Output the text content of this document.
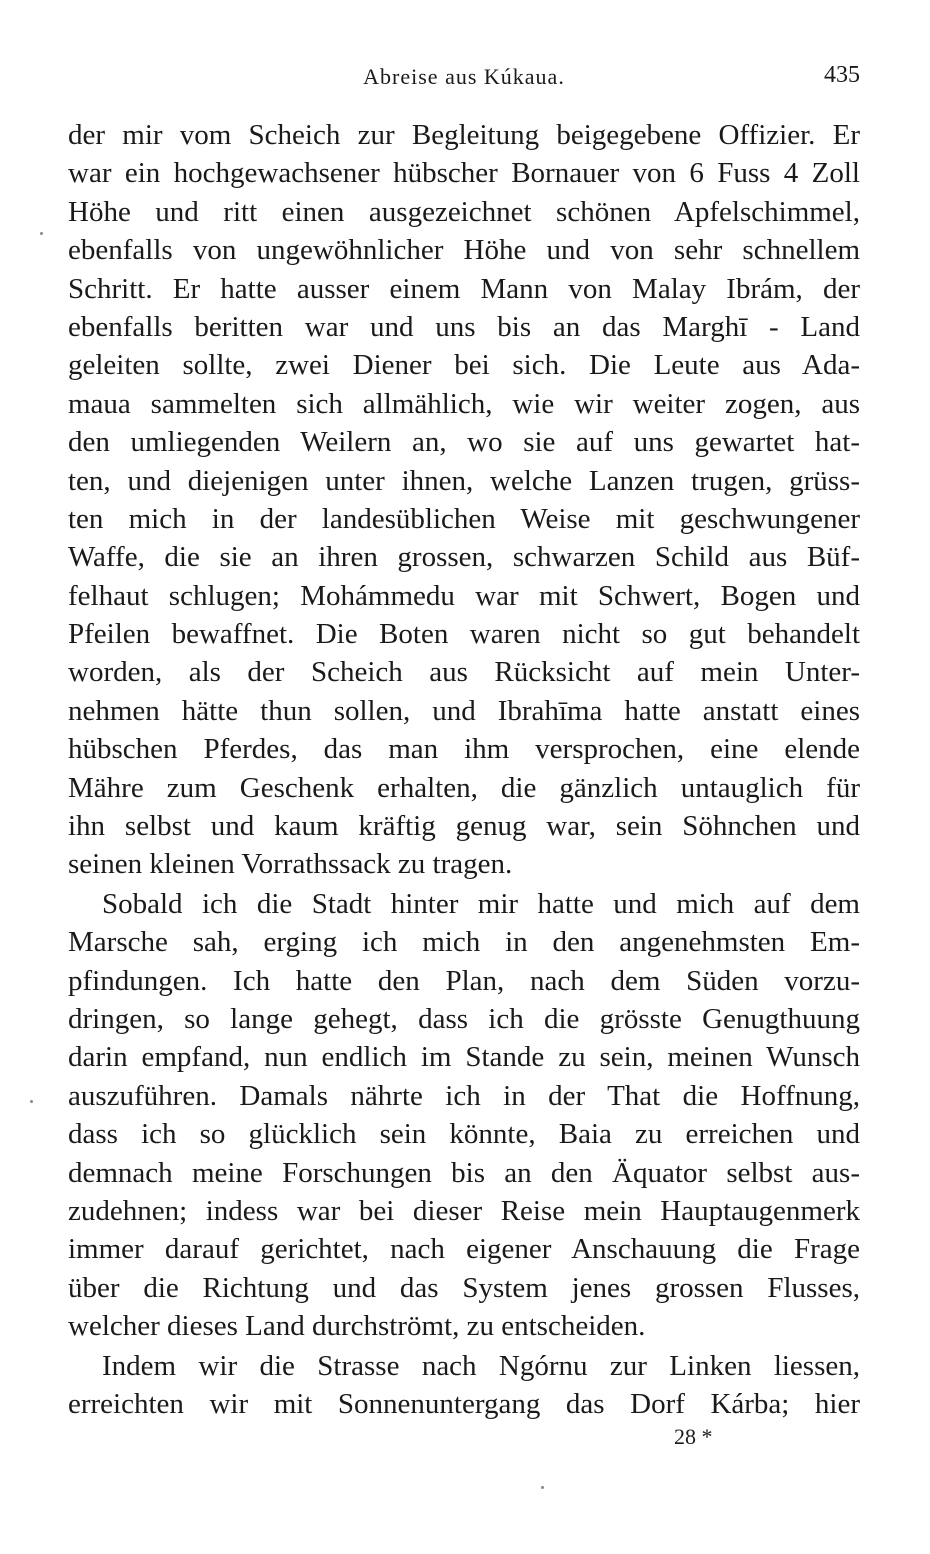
Abreise aus Kúkaua.	435
der mir vom Scheich zur Begleitung beigegebene Offizier. Er
war ein hochgewachsener hübscher Bornauer von 6 Fuss 4 Zoll
Höhe und ritt einen ausgezeichnet schönen Apfelschimmel,
ebenfalls von ungewöhnlicher Höhe und von sehr schnellem
Schritt. Er hatte ausser einem Mann von Malay Ibrám, der
ebenfalls beritten war und uns bis an das Marghī - Land
geleiten sollte, zwei Diener bei sich. Die Leute aus Ada-
maua sammelten sich allmählich, wie wir weiter zogen, aus
den umliegenden Weilern an, wo sie auf uns gewartet hat-
ten, und diejenigen unter ihnen, welche Lanzen trugen, grüss-
ten mich in der landesüblichen Weise mit geschwungener
Waffe, die sie an ihren grossen, schwarzen Schild aus Büf-
felhaut schlugen; Mohámmedu war mit Schwert, Bogen und
Pfeilen bewaffnet. Die Boten waren nicht so gut behandelt
worden, als der Scheich aus Rücksicht auf mein Unter-
nehmen hätte thun sollen, und Ibrahīma hatte anstatt eines
hübschen Pferdes, das man ihm versprochen, eine elende
Mähre zum Geschenk erhalten, die gänzlich untauglich für
ihn selbst und kaum kräftig genug war, sein Söhnchen und
seinen kleinen Vorrathssack zu tragen.
Sobald ich die Stadt hinter mir hatte und mich auf dem
Marsche sah, erging ich mich in den angenehmsten Em-
pfindungen. Ich hatte den Plan, nach dem Süden vorzu-
dringen, so lange gehegt, dass ich die grösste Genugthuung
darin empfand, nun endlich im Stande zu sein, meinen Wunsch
auszuführen. Damals nährte ich in der That die Hoffnung,
dass ich so glücklich sein könnte, Baia zu erreichen und
demnach meine Forschungen bis an den Äquator selbst aus-
zudehnen; indess war bei dieser Reise mein Hauptaugenmerk
immer darauf gerichtet, nach eigener Anschauung die Frage
über die Richtung und das System jenes grossen Flusses,
welcher dieses Land durchströmt, zu entscheiden.
Indem wir die Strasse nach Ngórnu zur Linken liessen,
erreichten wir mit Sonnenuntergang das Dorf Kárba; hier
28 *
